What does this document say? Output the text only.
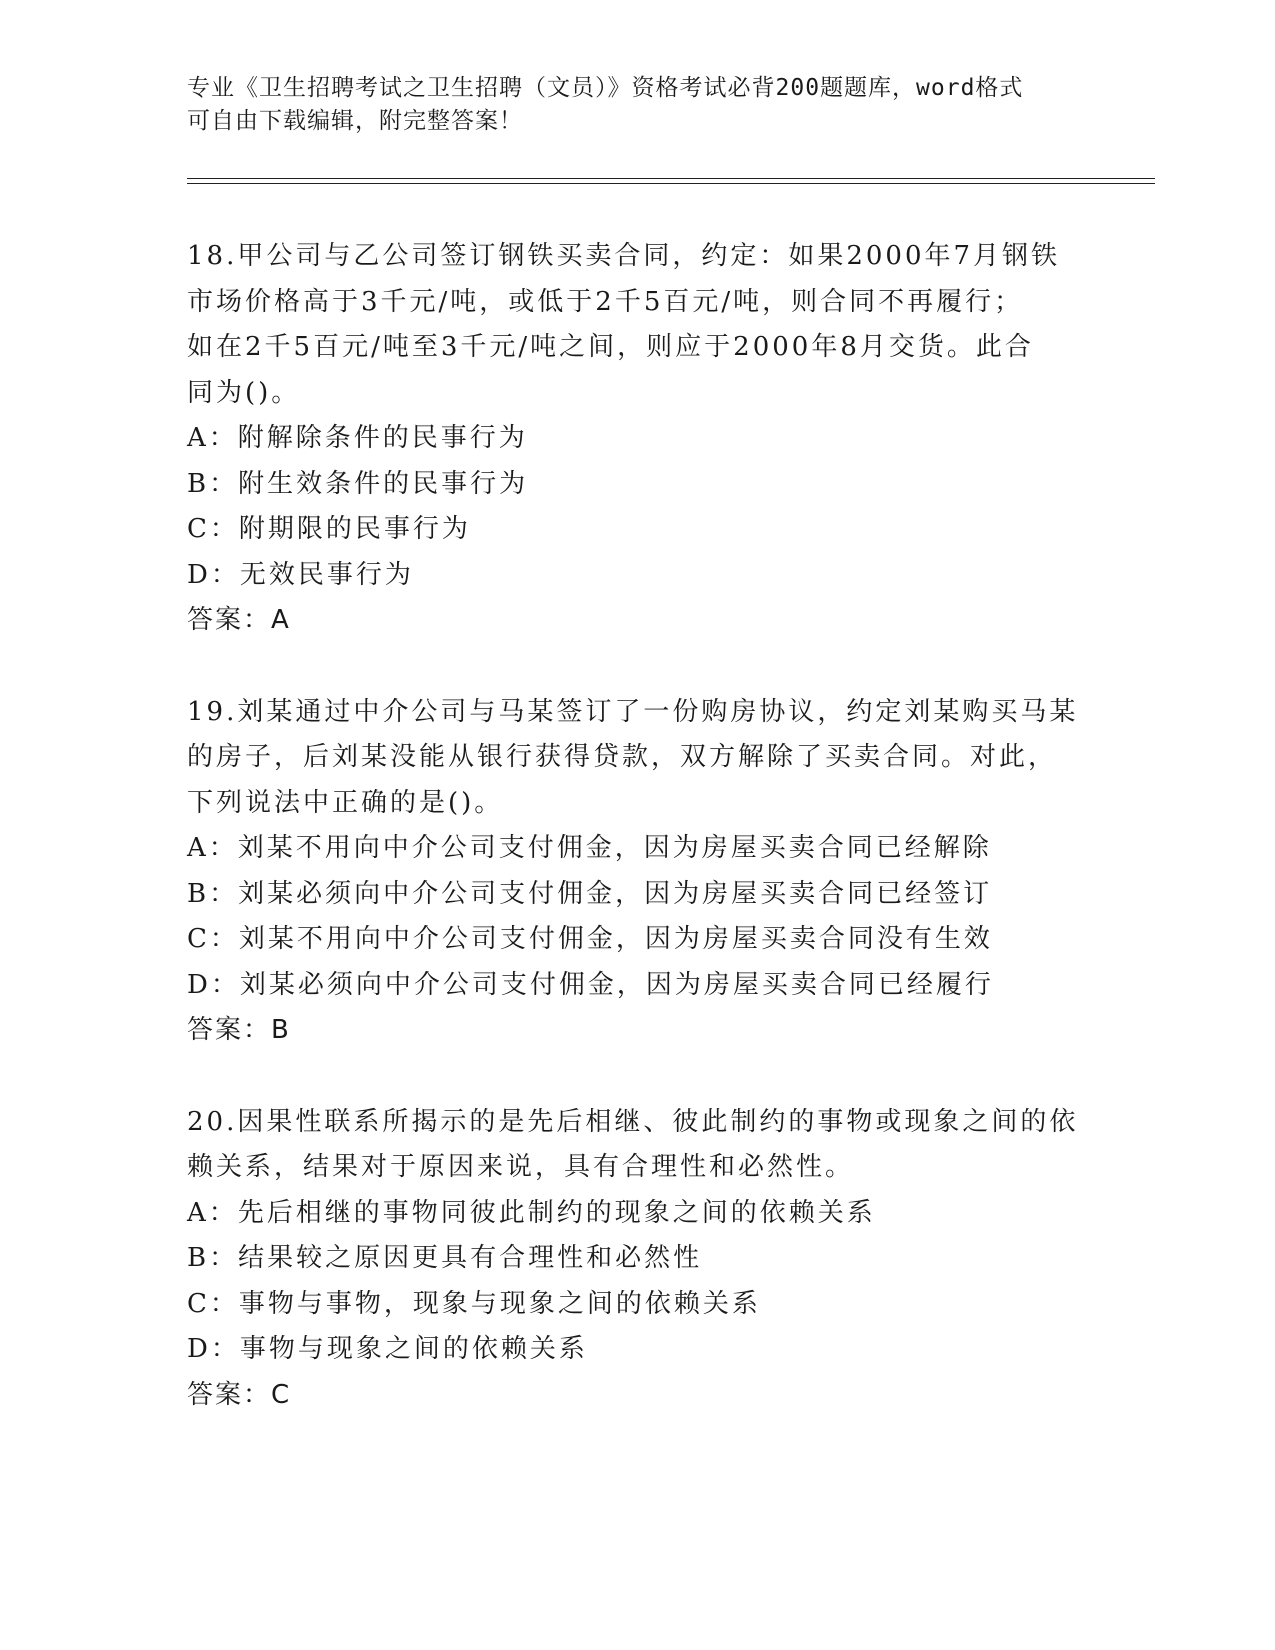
专业《卫生招聘考试之卫生招聘（文员）》资格考试必背200题题库，word格式
可自由下载编辑，附完整答案！
18.甲公司与乙公司签订钢铁买卖合同，约定：如果2000年7月钢铁
市场价格高于3千元/吨，或低于2千5百元/吨，则合同不再履行；
如在2千5百元/吨至3千元/吨之间，则应于2000年8月交货。此合
同为()。
A：附解除条件的民事行为
B：附生效条件的民事行为
C：附期限的民事行为
D：无效民事行为
答案：A
19.刘某通过中介公司与马某签订了一份购房协议，约定刘某购买马某
的房子，后刘某没能从银行获得贷款，双方解除了买卖合同。对此，
下列说法中正确的是()。
A：刘某不用向中介公司支付佣金，因为房屋买卖合同已经解除
B：刘某必须向中介公司支付佣金，因为房屋买卖合同已经签订
C：刘某不用向中介公司支付佣金，因为房屋买卖合同没有生效
D：刘某必须向中介公司支付佣金，因为房屋买卖合同已经履行
答案：B
20.因果性联系所揭示的是先后相继、彼此制约的事物或现象之间的依
赖关系，结果对于原因来说，具有合理性和必然性。
A：先后相继的事物同彼此制约的现象之间的依赖关系
B：结果较之原因更具有合理性和必然性
C：事物与事物，现象与现象之间的依赖关系
D：事物与现象之间的依赖关系
答案：C
